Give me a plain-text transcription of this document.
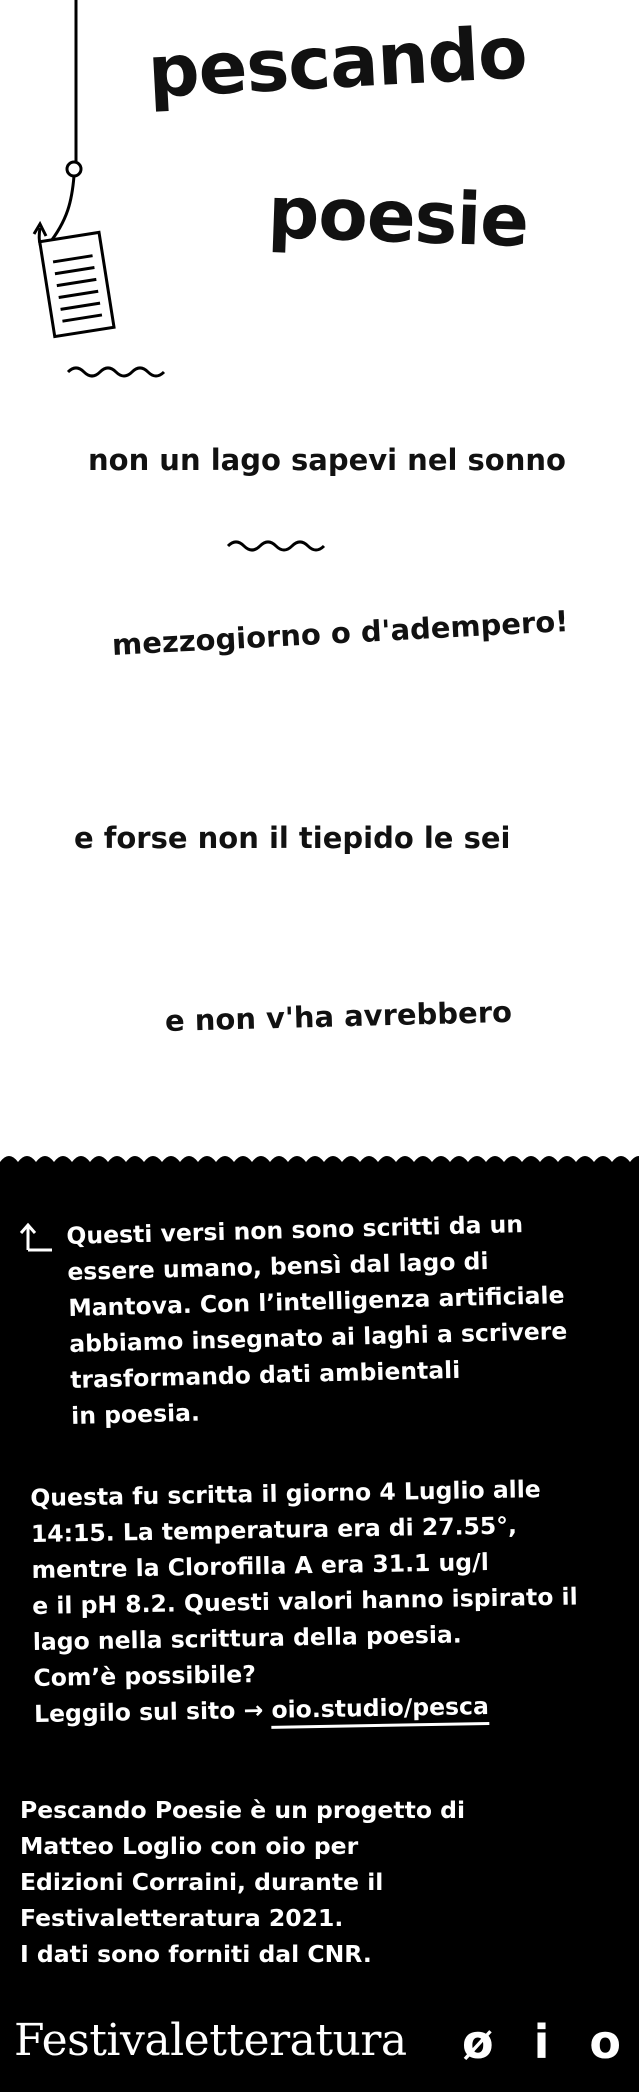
pescando
poesie

non un lago sapevi nel sonno

mezzogiorno o d'adempero!

e forse non il tiepido le sei

e non v'ha avrebbero

Questi versi non sono scritti da un
essere umano, bensì dal lago di
Mantova. Con l’intelligenza artificiale
abbiamo insegnato ai laghi a scrivere
trasformando dati ambientali
in poesia.
Questa fu scritta il giorno 4 Luglio alle
14:15. La temperatura era di 27.55°,
mentre la Clorofilla A era 31.1 ug/l
e il pH 8.2. Questi valori hanno ispirato il
lago nella scrittura della poesia.
Com’è possibile?
Leggilo sul sito → oio.studio/pesca
Pescando Poesie è un progetto di
Matteo Loglio con oio per
Edizioni Corraini, durante il
Festivaletteratura 2021.
I dati sono forniti dal CNR.

Festivaletteratura ø i o
